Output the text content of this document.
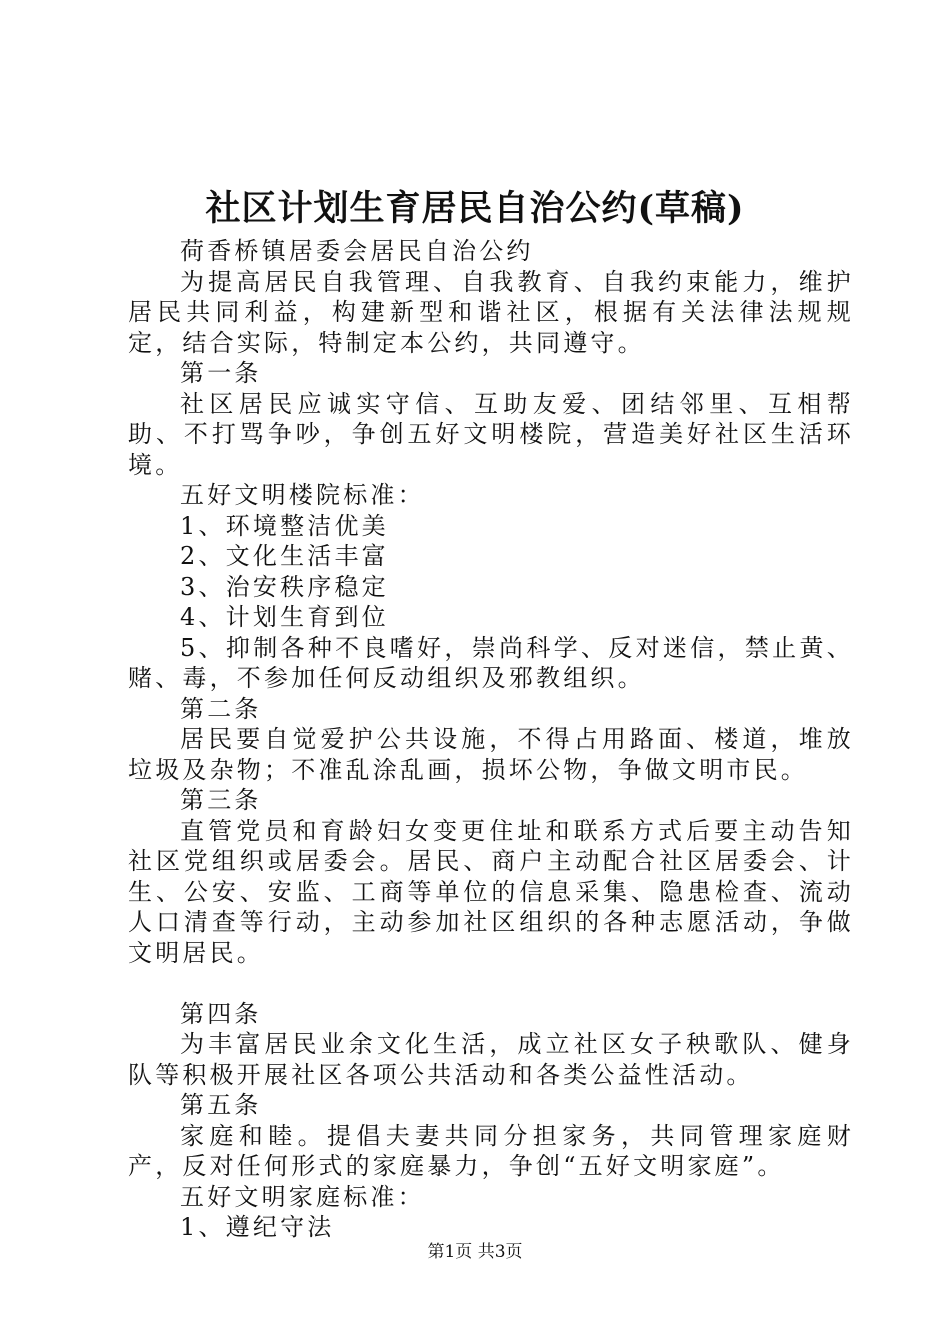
社区计划生育居民自治公约(草稿)

荷香桥镇居委会居民自治公约

为提高居民自我管理、自我教育、自我约束能力，维护居民共同利益，构建新型和谐社区，根据有关法律法规规定，结合实际，特制定本公约，共同遵守。

第一条

社区居民应诚实守信、互助友爱、团结邻里、互相帮助、不打骂争吵，争创五好文明楼院，营造美好社区生活环境。

五好文明楼院标准：

1、环境整洁优美

2、文化生活丰富

3、治安秩序稳定

4、计划生育到位

5、抑制各种不良嗜好，崇尚科学、反对迷信，禁止黄、赌、毒，不参加任何反动组织及邪教组织。

第二条

居民要自觉爱护公共设施，不得占用路面、楼道，堆放垃圾及杂物；不准乱涂乱画，损坏公物，争做文明市民。

第三条

直管党员和育龄妇女变更住址和联系方式后要主动告知社区党组织或居委会。居民、商户主动配合社区居委会、计生、公安、安监、工商等单位的信息采集、隐患检查、流动人口清查等行动，主动参加社区组织的各种志愿活动，争做文明居民。

第四条

为丰富居民业余文化生活，成立社区女子秧歌队、健身队等积极开展社区各项公共活动和各类公益性活动。

第五条

家庭和睦。提倡夫妻共同分担家务，共同管理家庭财产，反对任何形式的家庭暴力，争创“五好文明家庭”。

五好文明家庭标准：

1、遵纪守法

第1页 共3页
